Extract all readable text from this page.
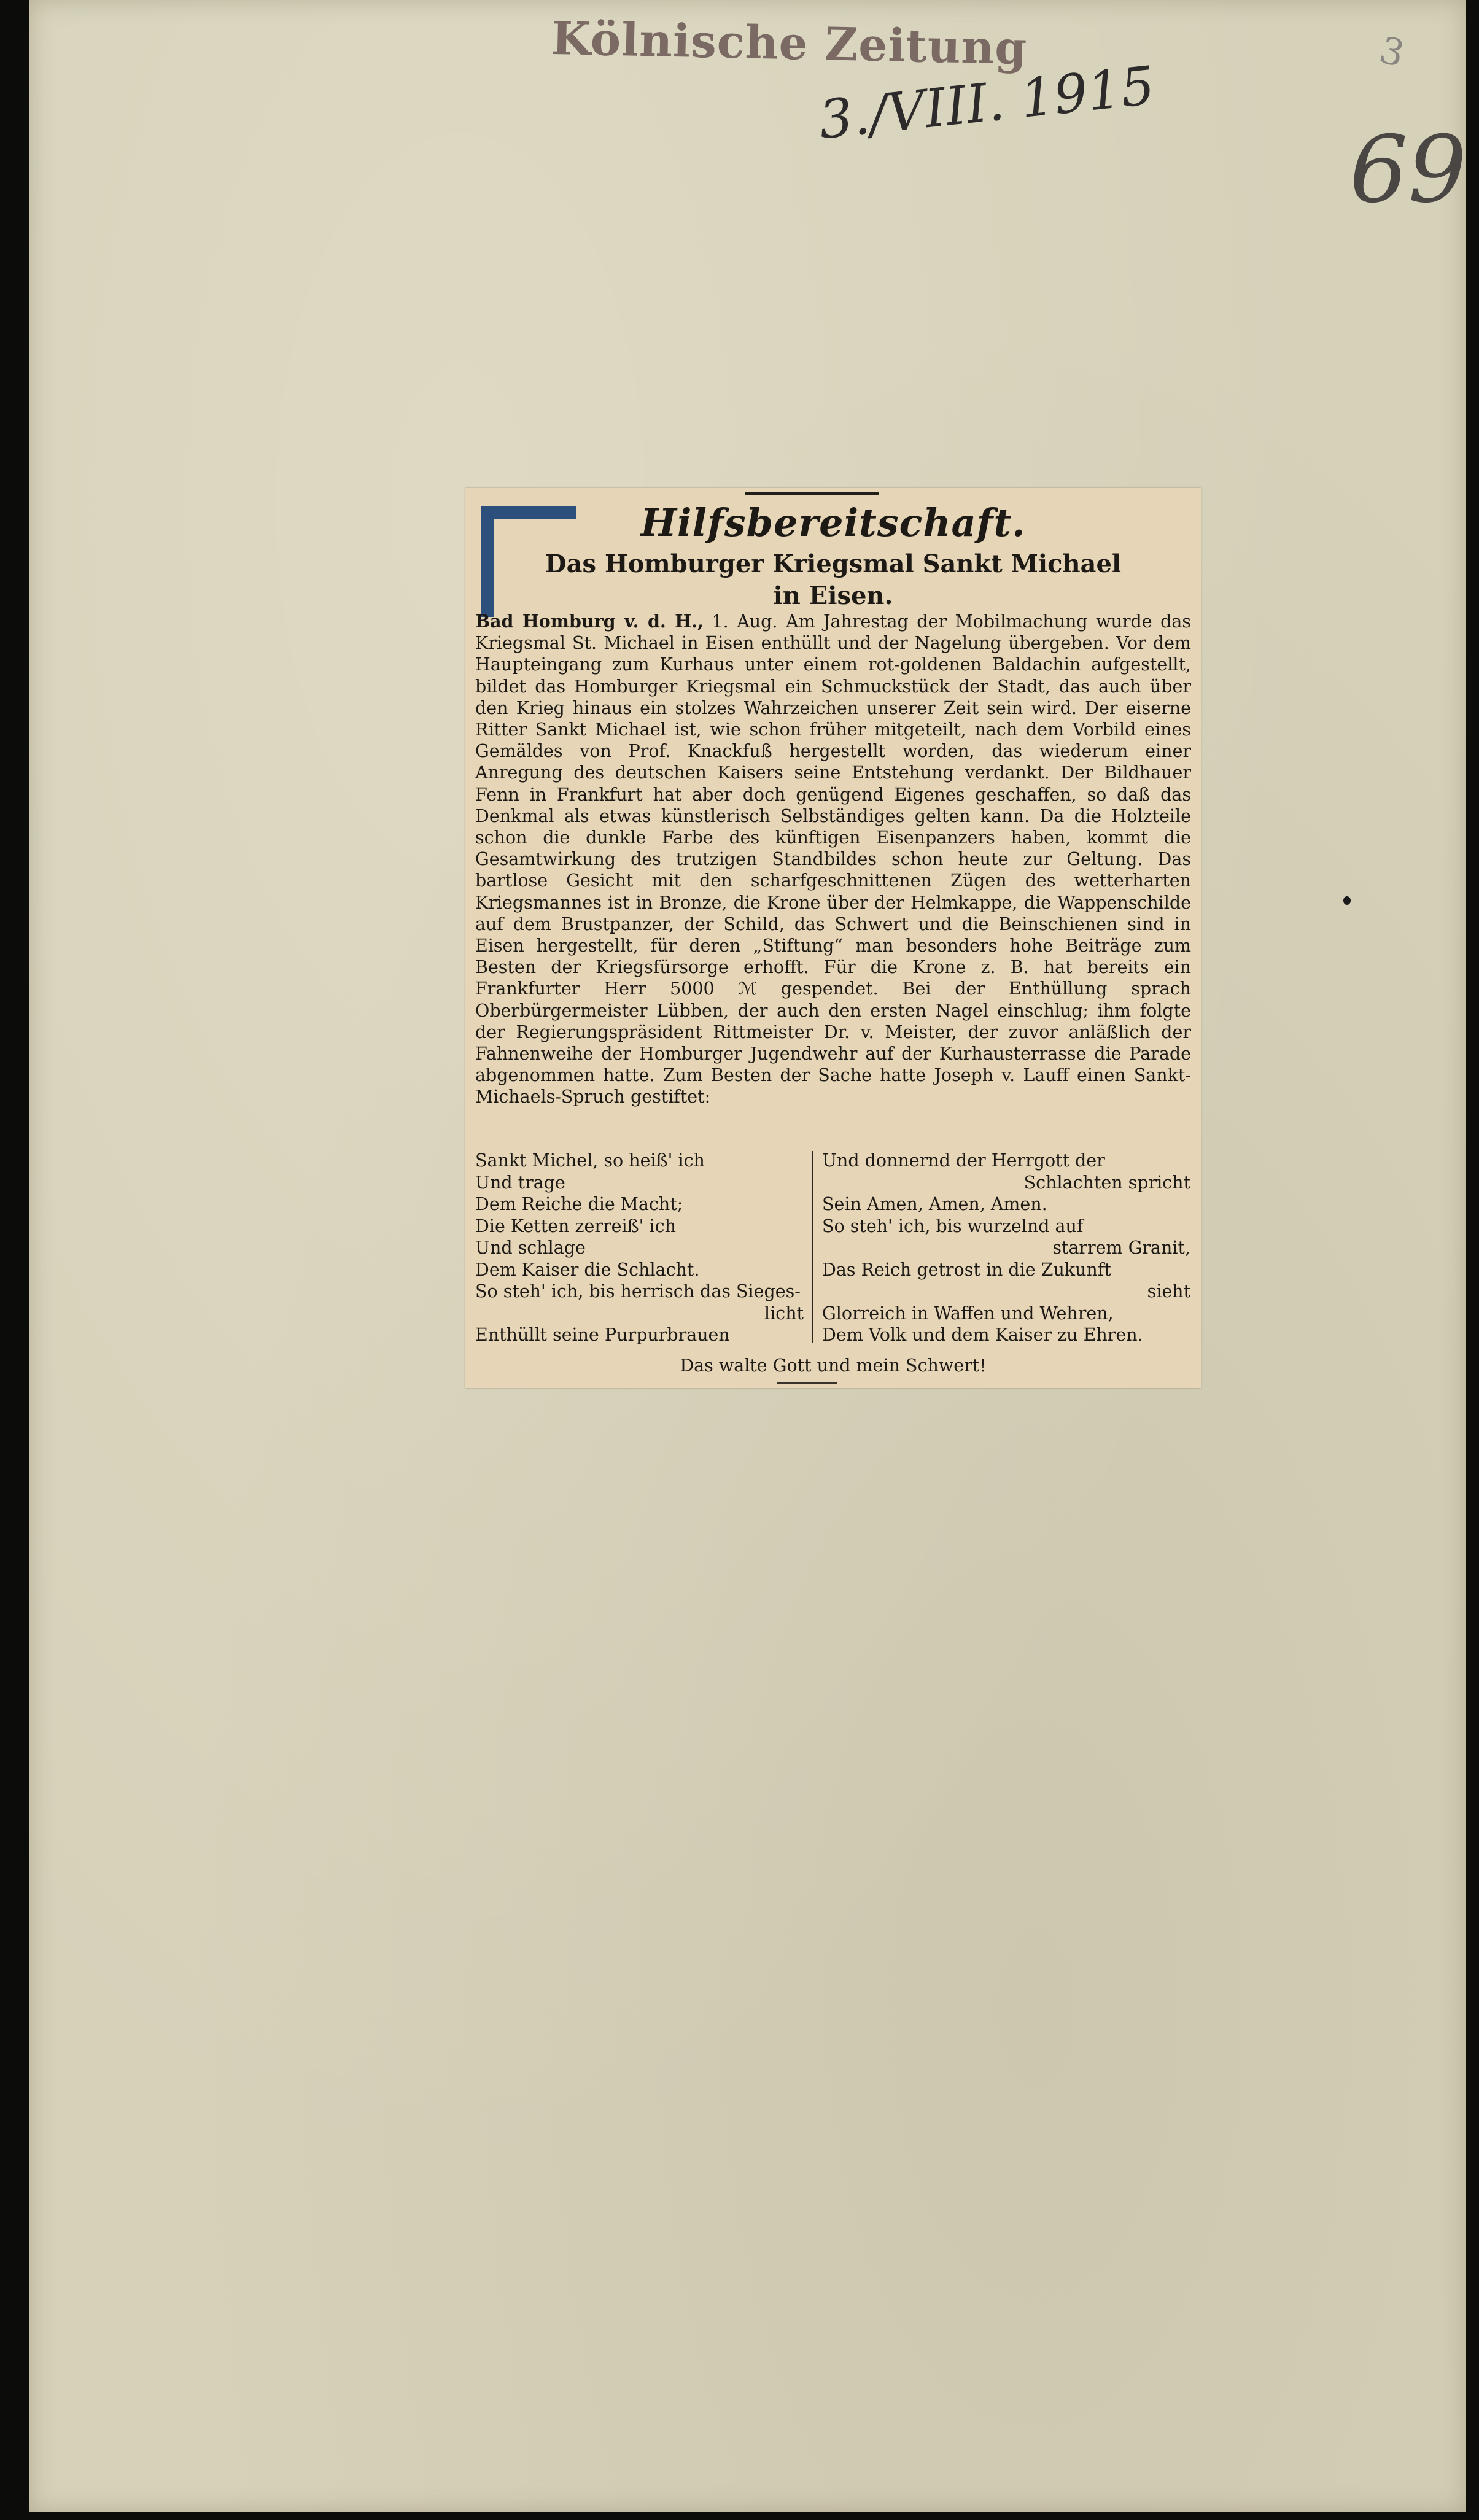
Kölnische Zeitung
3./VIII. 1915
3
69
Hilfsbereitschaft.
Das Homburger Kriegsmal Sankt Michael
in Eisen.
Bad Homburg v. d. H., 1. Aug. Am Jahrestag der Mobilmachung wurde das Kriegsmal St. Michael in Eisen enthüllt und der Nagelung übergeben. Vor dem Haupteingang zum Kurhaus unter einem rot-goldenen Baldachin aufgestellt, bildet das Homburger Kriegsmal ein Schmuckstück der Stadt, das auch über den Krieg hinaus ein stolzes Wahrzeichen unserer Zeit sein wird. Der eiserne Ritter Sankt Michael ist, wie schon früher mitgeteilt, nach dem Vorbild eines Gemäldes von Prof. Knackfuß hergestellt worden, das wiederum einer Anregung des deutschen Kaisers seine Entstehung verdankt. Der Bildhauer Fenn in Frankfurt hat aber doch genügend Eigenes geschaffen, so daß das Denkmal als etwas künstlerisch Selbständiges gelten kann. Da die Holzteile schon die dunkle Farbe des künftigen Eisenpanzers haben, kommt die Gesamtwirkung des trutzigen Standbildes schon heute zur Geltung. Das bartlose Gesicht mit den scharfgeschnittenen Zügen des wetterharten Kriegsmannes ist in Bronze, die Krone über der Helmkappe, die Wappenschilde auf dem Brustpanzer, der Schild, das Schwert und die Beinschienen sind in Eisen hergestellt, für deren „Stiftung“ man besonders hohe Beiträge zum Besten der Kriegsfürsorge erhofft. Für die Krone z. B. hat bereits ein Frankfurter Herr 5000 ℳ gespendet. Bei der Enthüllung sprach Oberbürgermeister Lübben, der auch den ersten Nagel einschlug; ihm folgte der Regierungspräsident Rittmeister Dr. v. Meister, der zuvor anläßlich der Fahnenweihe der Homburger Jugendwehr auf der Kurhausterrasse die Parade abgenommen hatte. Zum Besten der Sache hatte Joseph v. Lauff einen Sankt-Michaels-Spruch gestiftet:
Sankt Michel, so heiß' ich
Und trage
Dem Reiche die Macht;
Die Ketten zerreiß' ich
Und schlage
Dem Kaiser die Schlacht.
So steh' ich, bis herrisch das Sieges-
licht
Enthüllt seine Purpurbrauen
Und donnernd der Herrgott der
Schlachten spricht
Sein Amen, Amen, Amen.
So steh' ich, bis wurzelnd auf
starrem Granit,
Das Reich getrost in die Zukunft
sieht
Glorreich in Waffen und Wehren,
Dem Volk und dem Kaiser zu Ehren.
Das walte Gott und mein Schwert!
